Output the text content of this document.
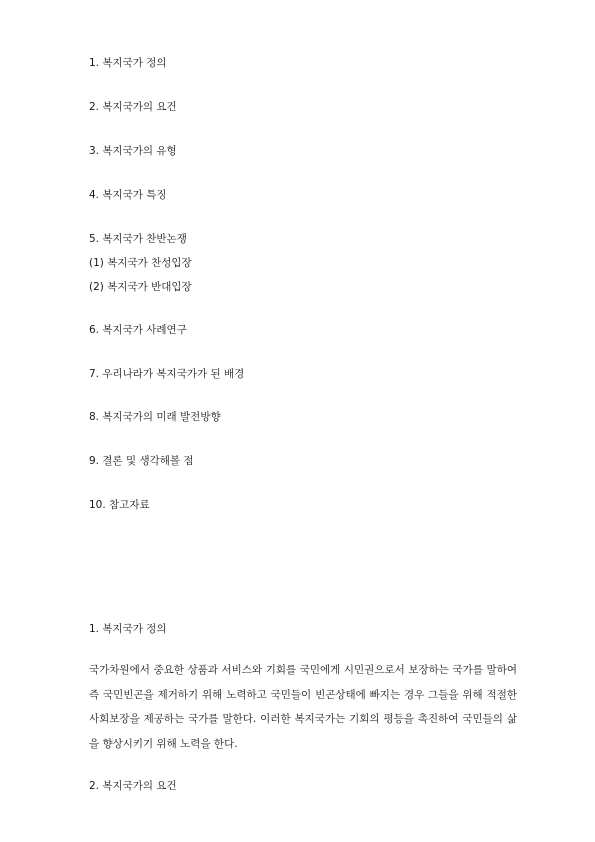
1. 복지국가 정의
2. 복지국가의 요건
3. 복지국가의 유형
4. 복지국가 특징
5. 복지국가 찬반논쟁
(1) 복지국가 찬성입장
(2) 복지국가 반대입장
6. 복지국가 사례연구
7. 우리나라가 복지국가가 된 배경
8. 복지국가의 미래 발전방향
9. 결론 및 생각해볼 점
10. 참고자료
1. 복지국가 정의

국가차원에서 중요한 상품과 서비스와 기회를 국민에게 시민권으로서 보장하는 국가를 말하여 즉 국민빈곤을 제거하기 위해 노력하고 국민들이 빈곤상태에 빠지는 경우 그들을 위해 적절한 사회보장을 제공하는 국가를 말한다. 이러한 복지국가는 기회의 평등을 촉진하여 국민들의 삶을 향상시키기 위해 노력을 한다.

2. 복지국가의 요건
